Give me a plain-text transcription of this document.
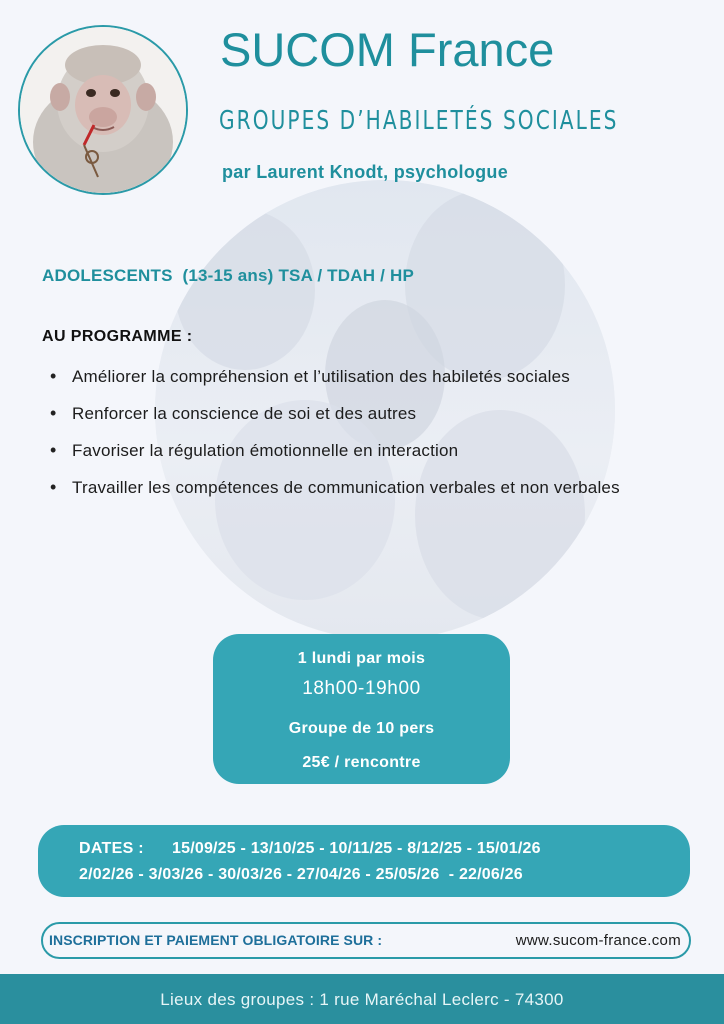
SUCOM France
GROUPES D’HABILETÉS SOCIALES
par Laurent Knodt, psychologue
ADOLESCENTS  (13-15 ans) TSA / TDAH / HP
AU PROGRAMME :
• Améliorer la compréhension et l’utilisation des habiletés sociales
• Renforcer la conscience de soi et des autres
• Favoriser la régulation émotionnelle en interaction
• Travailler les compétences de communication verbales et non verbales
1 lundi par mois
18h00-19h00
Groupe de 10 pers
25€ / rencontre
DATES : 15/09/25 - 13/10/25 - 10/11/25 - 8/12/25 - 15/01/26
2/02/26 - 3/03/26 - 30/03/26 - 27/04/26 - 25/05/26  - 22/06/26
INSCRIPTION ET PAIEMENT OBLIGATOIRE SUR :	www.sucom-france.com
Lieux des groupes : 1 rue Maréchal Leclerc - 74300
